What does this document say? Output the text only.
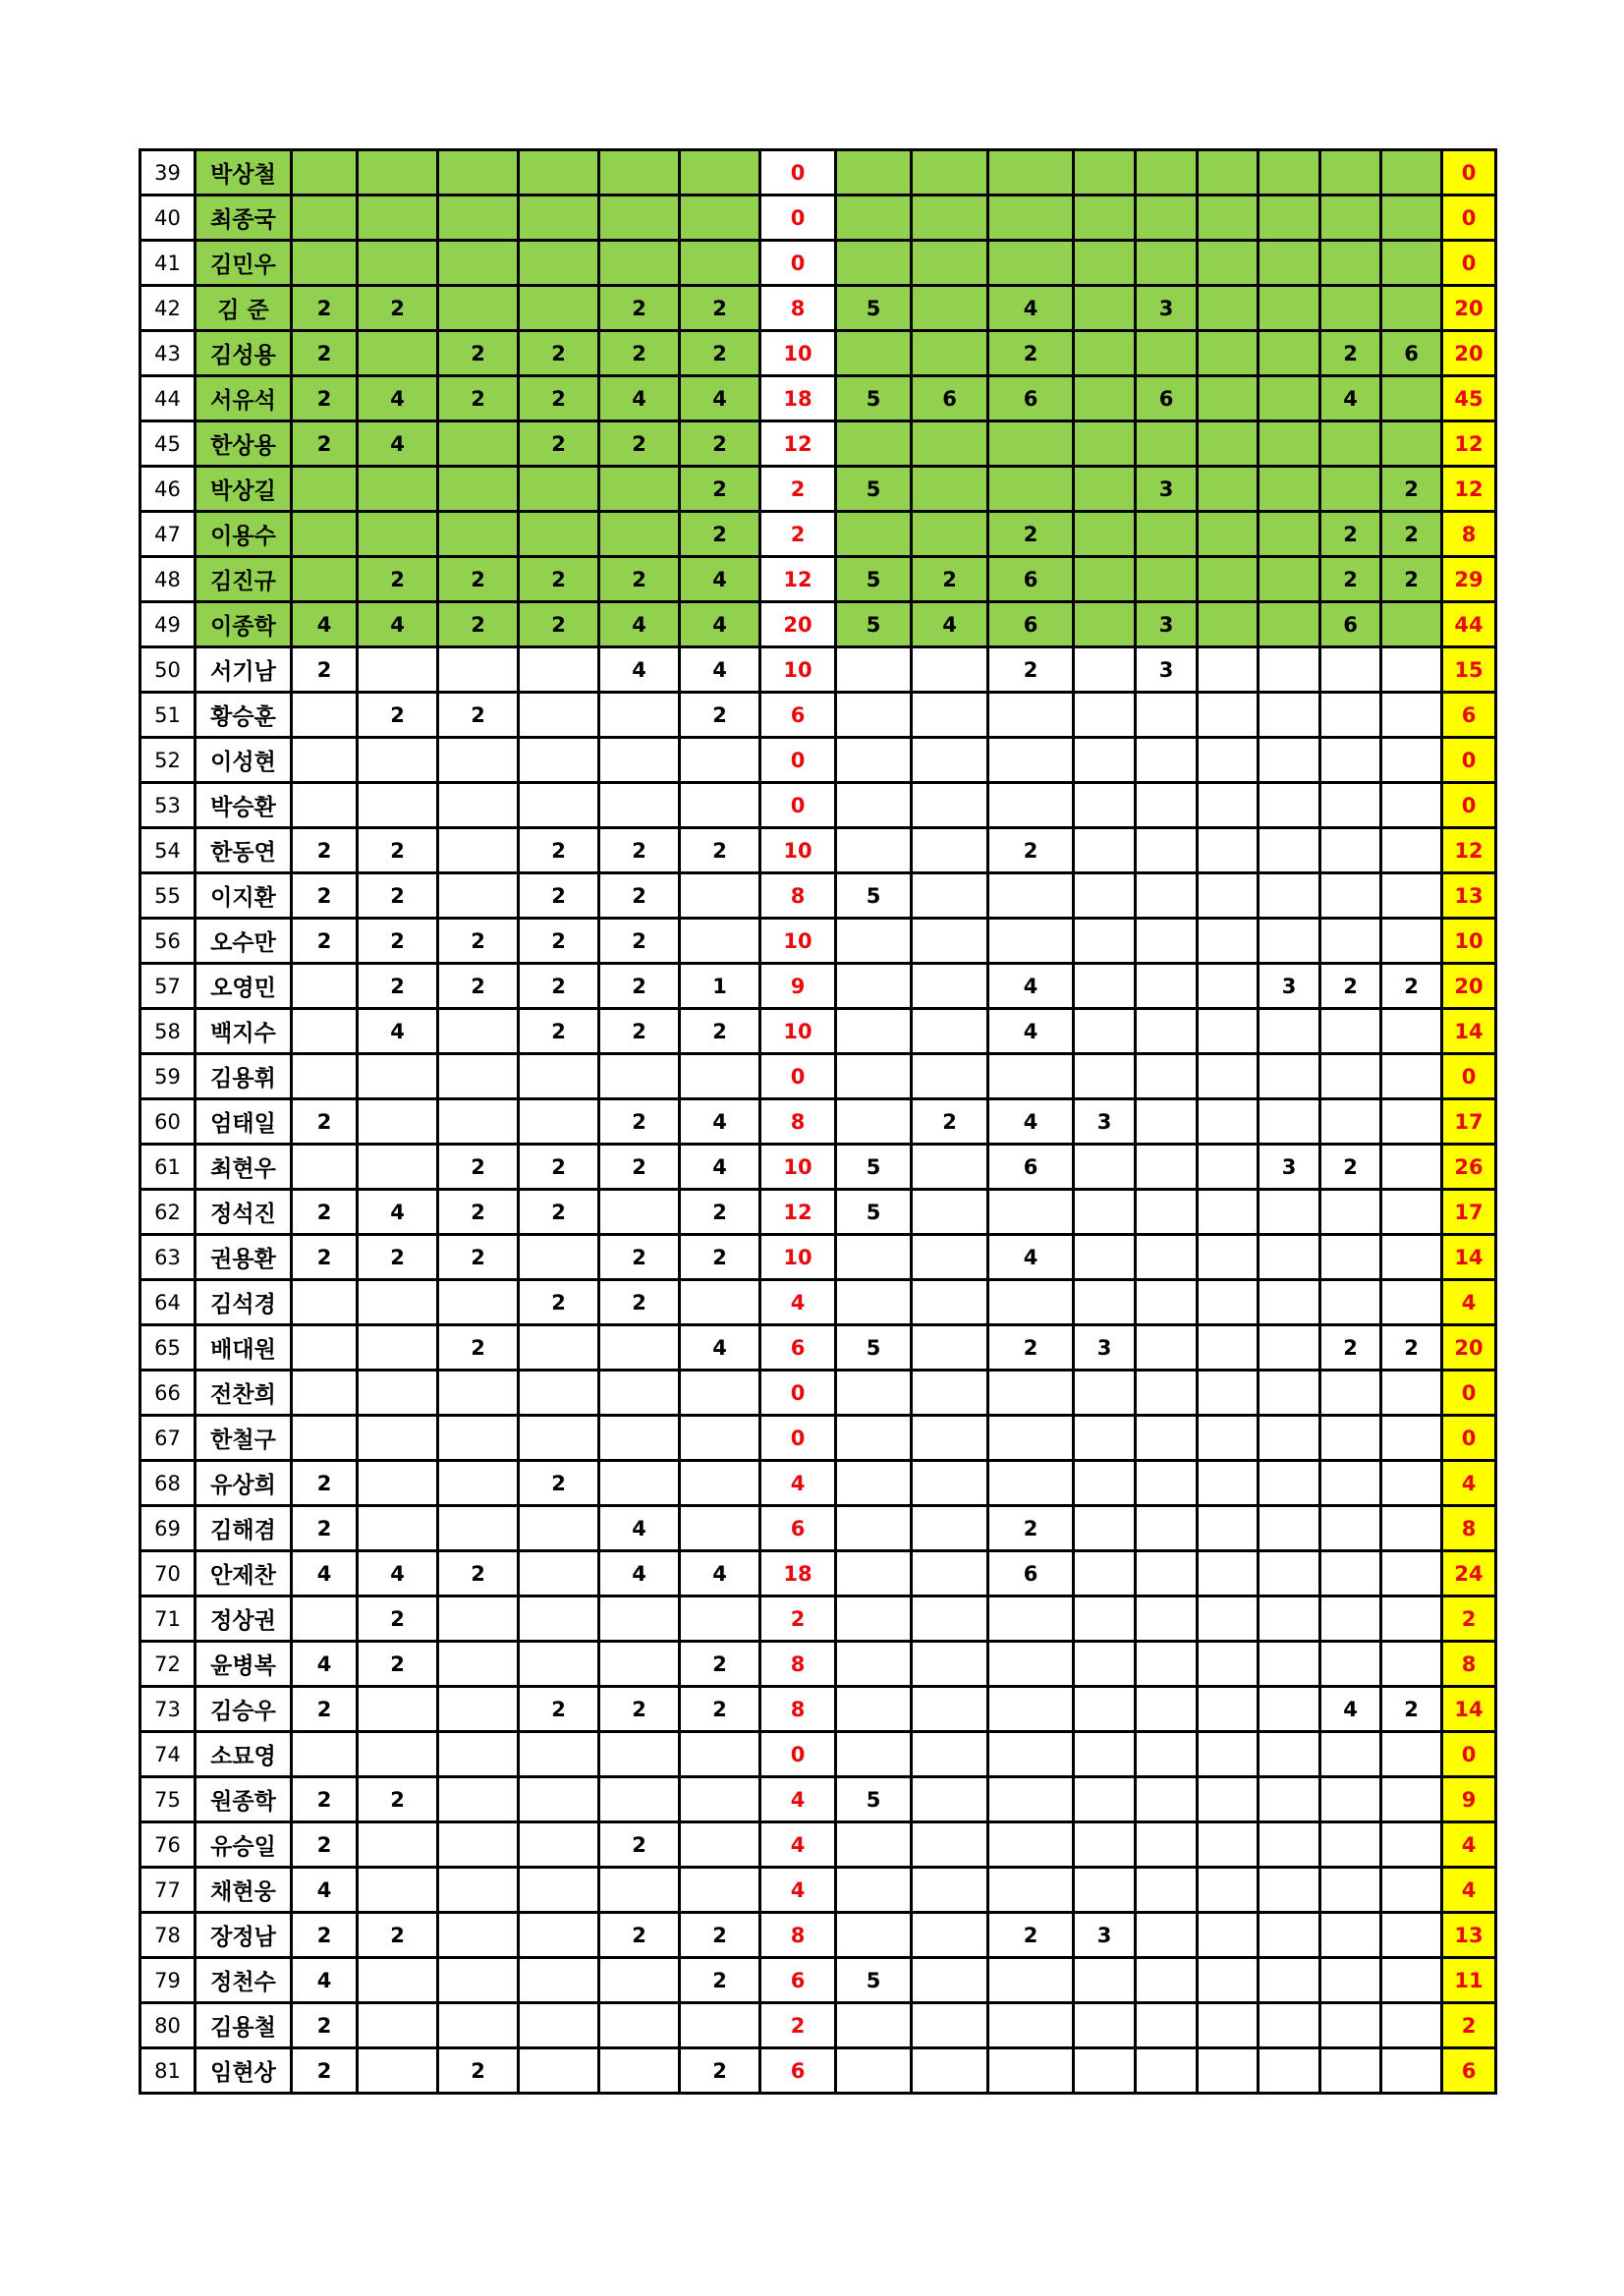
39	박상철							0										0
40	최종국							0										0
41	김민우							0										0
42	김 준	2	2			2	2	8	5		4		3					20
43	김성용	2		2	2	2	2	10			2					2	6	20
44	서유석	2	4	2	2	4	4	18	5	6	6		6			4		45
45	한상용	2	4		2	2	2	12										12
46	박상길						2	2	5				3				2	12
47	이용수						2	2			2					2	2	8
48	김진규		2	2	2	2	4	12	5	2	6					2	2	29
49	이종학	4	4	2	2	4	4	20	5	4	6		3			6		44
50	서기남	2				4	4	10			2		3					15
51	황승훈		2	2			2	6										6
52	이성현							0										0
53	박승환							0										0
54	한동연	2	2		2	2	2	10			2							12
55	이지환	2	2		2	2		8	5									13
56	오수만	2	2	2	2	2		10										10
57	오영민		2	2	2	2	1	9			4				3	2	2	20
58	백지수		4		2	2	2	10			4							14
59	김용휘							0										0
60	엄태일	2				2	4	8		2	4	3						17
61	최현우			2	2	2	4	10	5		6				3	2		26
62	정석진	2	4	2	2		2	12	5									17
63	권용환	2	2	2		2	2	10			4							14
64	김석경				2	2		4										4
65	배대원			2			4	6	5		2	3				2	2	20
66	전찬희							0										0
67	한철구							0										0
68	유상희	2			2			4										4
69	김해겸	2				4		6			2							8
70	안제찬	4	4	2		4	4	18			6							24
71	정상권		2					2										2
72	윤병복	4	2				2	8										8
73	김승우	2			2	2	2	8								4	2	14
74	소묘영							0										0
75	원종학	2	2					4	5									9
76	유승일	2				2		4										4
77	채현웅	4						4										4
78	장정남	2	2			2	2	8			2	3						13
79	정천수	4					2	6	5									11
80	김용철	2						2										2
81	임현상	2		2			2	6										6
